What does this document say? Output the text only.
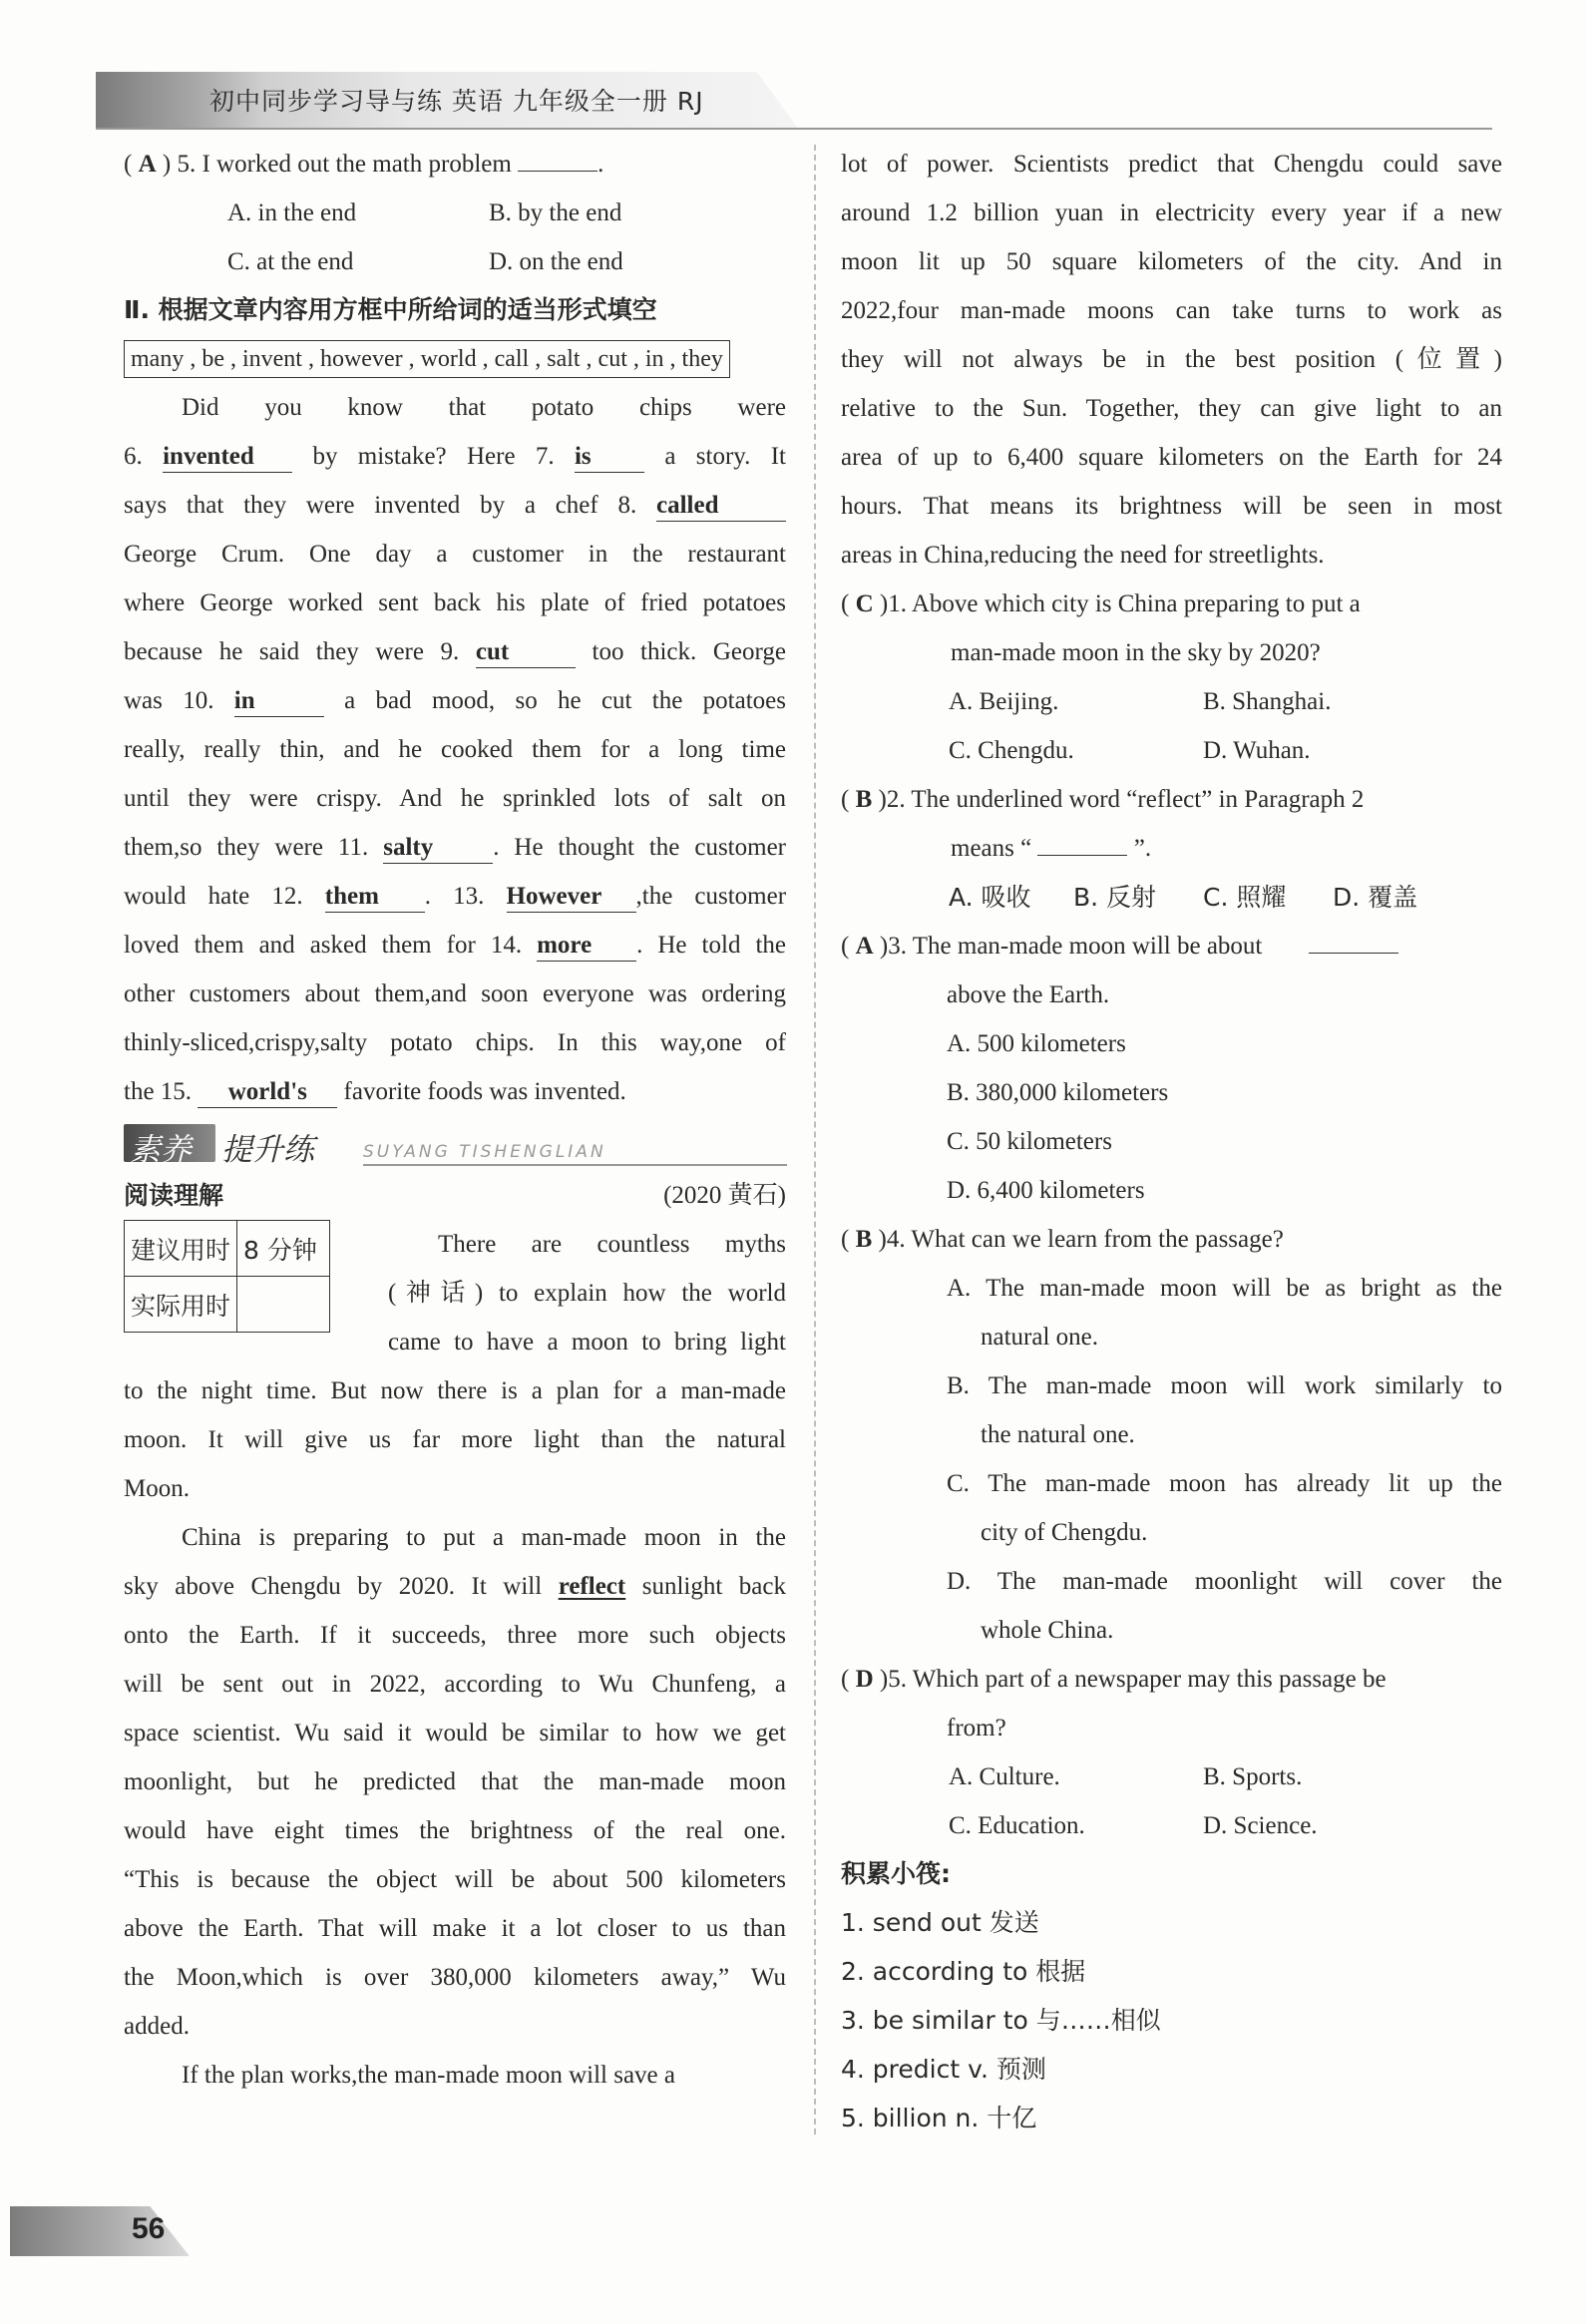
初中同步学习导与练 英语 九年级全一册 RJ
( A ) 5. I worked out the math problem	.
A. in the end	B. by the end
C. at the end	D. on the end
Ⅱ. 根据文章内容用方框中所给词的适当形式填空
many , be , invent , however , world , call , salt , cut , in , they
Did you know that potato chips were
6. invented by mistake? Here 7. is	a story. It
says that they were invented by a chef 8. called
George Crum. One day a customer in the restaurant
where George worked sent back his plate of fried potatoes
because he said they were 9. cut	too thick. George
was 10. in	a bad mood, so he cut the potatoes
really, really thin, and he cooked them for a long time
until they were crispy. And he sprinkled lots of salt on
them,so they were 11. salty . He thought the customer
would hate 12. them . 13. However ,the customer
loved them and asked them for 14. more . He told the
other customers about them,and soon everyone was ordering
thinly-sliced,crispy,salty potato chips. In this way,one of
the 15. world's favorite foods was invented.
素养 提升练	SUYANG TISHENGLIAN
阅读理解	(2020 黄石)
建议用时	8 分钟
实际用时	
There are countless myths
(神话) to explain how the world
came to have a moon to bring light
to the night time. But now there is a plan for a man-made
moon. It will give us far more light than the natural
Moon.
China is preparing to put a man-made moon in the
sky above Chengdu by 2020. It will reflect sunlight back
onto the Earth. If it succeeds, three more such objects
will be sent out in 2022, according to Wu Chunfeng, a
space scientist. Wu said it would be similar to how we get
moonlight, but he predicted that the man-made moon
would have eight times the brightness of the real one.
“This is because the object will be about 500 kilometers
above the Earth. That will make it a lot closer to us than
the Moon,which is over 380,000 kilometers away,” Wu
added.
If the plan works,the man-made moon will save a
lot of power. Scientists predict that Chengdu could save
around 1.2 billion yuan in electricity every year if a new
moon lit up 50 square kilometers of the city. And in
2022,four man-made moons can take turns to work as
they will not always be in the best position (位置)
relative to the Sun. Together, they can give light to an
area of up to 6,400 square kilometers on the Earth for 24
hours. That means its brightness will be seen in most
areas in China,reducing the need for streetlights.
( C )1. Above which city is China preparing to put a
man-made moon in the sky by 2020?
A. Beijing.	B. Shanghai.
C. Chengdu.	D. Wuhan.
( B )2. The underlined word “reflect” in Paragraph 2
means “	”.
A. 吸收 B. 反射 C. 照耀 D. 覆盖
( A )3. The man-made moon will be about
above the Earth.
A. 500 kilometers
B. 380,000 kilometers
C. 50 kilometers
D. 6,400 kilometers
( B )4. What can we learn from the passage?
A. The man-made moon will be as bright as the
natural one.
B. The man-made moon will work similarly to
the natural one.
C. The man-made moon has already lit up the
city of Chengdu.
D. The man-made moonlight will cover the
whole China.
( D )5. Which part of a newspaper may this passage be
from?
A. Culture.	B. Sports.
C. Education.	D. Science.
积累小筏:
1. send out 发送
2. according to 根据
3. be similar to 与……相似
4. predict v. 预测
5. billion n. 十亿
56
